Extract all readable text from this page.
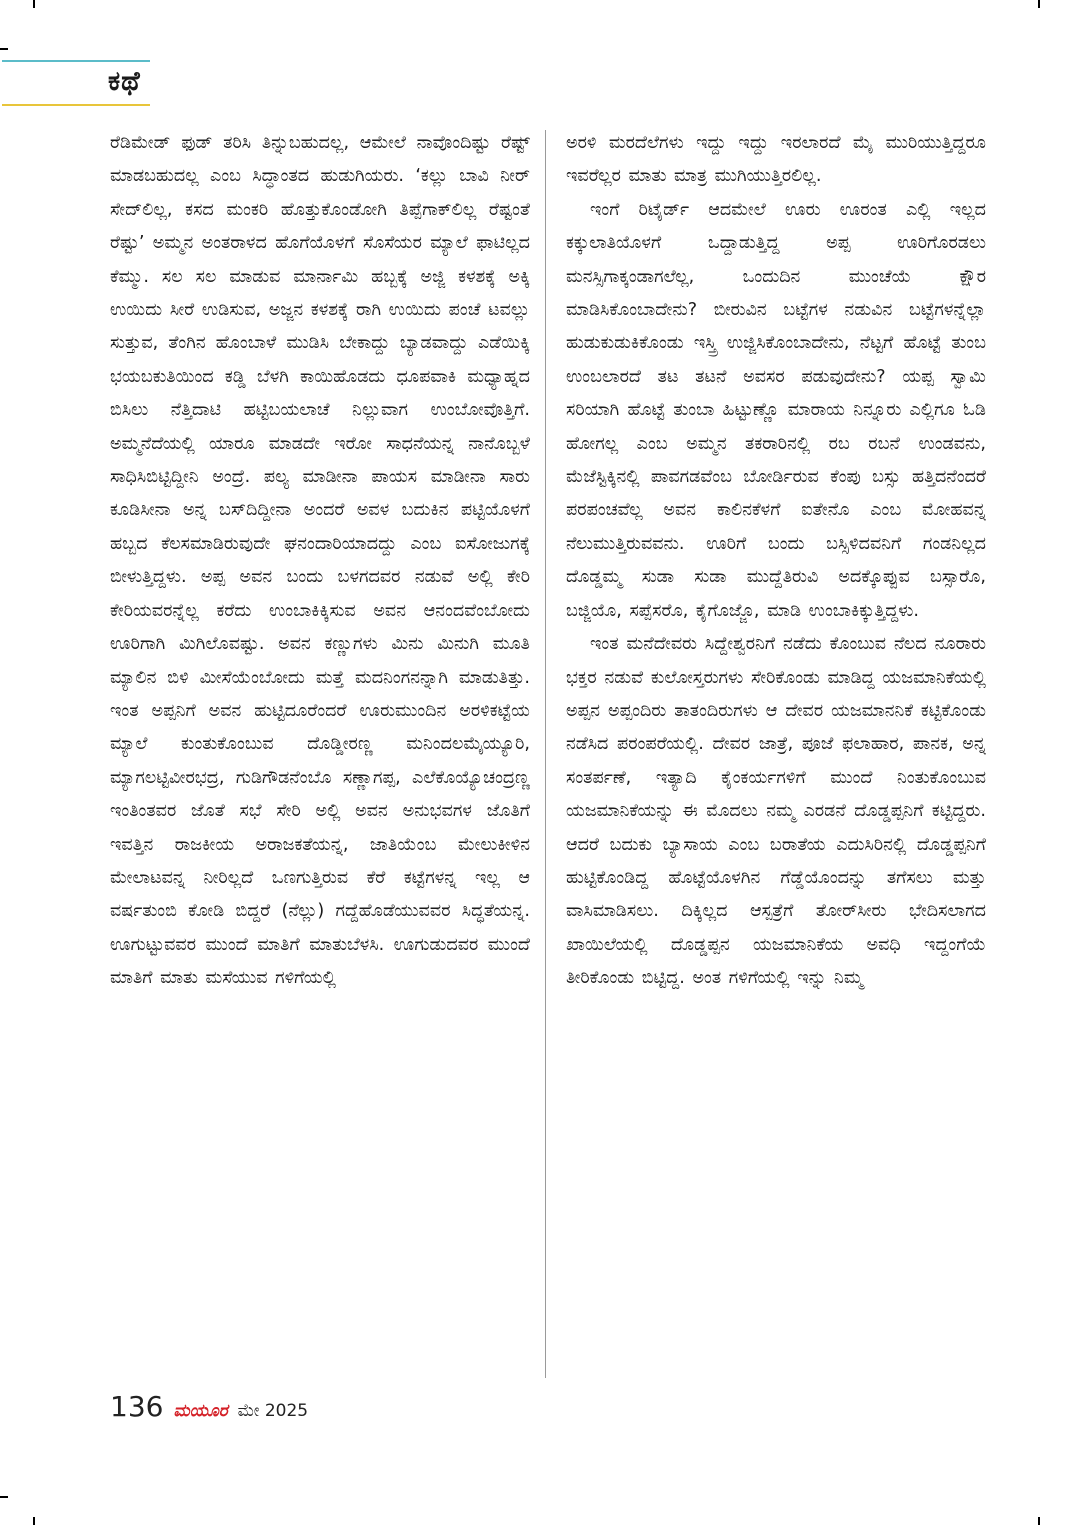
ಕಥೆ

ರೆಡಿಮೇಡ್ ಫುಡ್ ತರಿಸಿ ತಿನ್ನುಬಹುದಲ್ಲ, ಆಮೇಲೆ ನಾವೊಂದಿಷ್ಟು ರೆಷ್ಟ್ ಮಾಡಬಹುದಲ್ಲ ಎಂಬ ಸಿದ್ಧಾಂತದ ಹುಡುಗಿಯರು. ‘ಕಲ್ಲು ಬಾವಿ ನೀರ್ ಸೇದ್‌ಲಿಲ್ಲ, ಕಸದ ಮಂಕರಿ ಹೊತ್ತುಕೊಂಡೋಗಿ ತಿಪ್ಪೆಗಾಕ್‌ಲಿಲ್ಲ ರೆಷ್ಟಂತೆ ರೆಷ್ಟು’ ಅಮ್ಮನ ಅಂತರಾಳದ ಹೊಗೆಯೊಳಗೆ ಸೊಸೆಯರ ಮ್ಯಾಲೆ ಫಾಟಿಲ್ಲದ ಕೆಮ್ಮು. ಸಲ ಸಲ ಮಾಡುವ ಮಾರ್ನಾಮಿ ಹಬ್ಬಕ್ಕೆ ಅಜ್ಜಿ ಕಳಶಕ್ಕೆ ಅಕ್ಕಿ ಉಯಿದು ಸೀರೆ ಉಡಿಸುವ, ಅಜ್ಜನ ಕಳಶಕ್ಕೆ ರಾಗಿ ಉಯಿದು ಪಂಚೆ ಟವಲ್ಲು ಸುತ್ತುವ, ತೆಂಗಿನ ಹೊಂಬಾಳೆ ಮುಡಿಸಿ ಬೇಕಾದ್ದು ಬ್ಯಾಡವಾದ್ದು ಎಡೆಯಿಕ್ಕಿ ಭಯಬಕುತಿಯಿಂದ ಕಡ್ಡಿ ಬೆಳಗಿ ಕಾಯಿಹೊಡದು ಧೂಪವಾಕಿ ಮಧ್ಯಾಹ್ನದ ಬಿಸಿಲು ನೆತ್ತಿದಾಟಿ ಹಟ್ಟಿಬಯಲಾಚೆ ನಿಲ್ಲುವಾಗ ಉಂಬೋವೊತ್ತಿಗೆ. ಅಮ್ಮನೆದೆಯಲ್ಲಿ ಯಾರೂ ಮಾಡದೇ ಇರೋ ಸಾಧನೆಯನ್ನ ನಾನೊಬ್ಬಳೆ ಸಾಧಿಸಿಬಿಟ್ಟಿದ್ದೀನಿ ಅಂದ್ರೆ. ಪಲ್ಯ ಮಾಡೀನಾ ಪಾಯಸ ಮಾಡೀನಾ ಸಾರು ಕೂಡಿಸೀನಾ ಅನ್ನ ಬಸ್‌ದಿದ್ದೀನಾ ಅಂದರೆ ಅವಳ ಬದುಕಿನ ಪಟ್ಟಿಯೊಳಗೆ ಹಬ್ಬದ ಕೆಲಸಮಾಡಿರುವುದೇ ಘನಂದಾರಿಯಾದದ್ದು ಎಂಬ ಐಸೋಜುಗಕ್ಕೆ ಬೀಳುತ್ತಿದ್ದಳು. ಅಪ್ಪ ಅವನ ಬಂದು ಬಳಗದವರ ನಡುವೆ ಅಲ್ಲಿ ಕೇರಿ ಕೇರಿಯವರನ್ನೆಲ್ಲ ಕರೆದು ಉಂಬಾಕಿಕ್ಕಿಸುವ ಅವನ ಆನಂದವೆಂಬೋದು ಊರಿಗಾಗಿ ಮಿಗಿಲೊವಷ್ಟು. ಅವನ ಕಣ್ಣುಗಳು ಮಿನು ಮಿನುಗಿ ಮೂತಿ ಮ್ಯಾಲಿನ ಬಿಳಿ ಮೀಸೆಯೆಂಬೋದು ಮತ್ತೆ ಮದನಿಂಗನನ್ನಾಗಿ ಮಾಡುತಿತ್ತು. ಇಂತ ಅಪ್ಪನಿಗೆ ಅವನ ಹುಟ್ಟಿದೂರೆಂದರೆ ಊರುಮುಂದಿನ ಅರಳಿಕಟ್ಟೆಯ ಮ್ಯಾಲೆ ಕುಂತುಕೊಂಬುವ ದೊಡ್ಡೀರಣ್ಣ ಮನಿಂದಲಮೈಯ್ಯೂರಿ, ಮ್ಯಾಗಲಟ್ಟಿವೀರಭದ್ರ, ಗುಡಿಗೌಡನೆಂಬೊ ಸಣ್ಣಾಗಪ್ಪ, ಎಲೆಕೊಯ್ಯೊಚಂದ್ರಣ್ಣ ಇಂತಿಂತವರ ಜೊತೆ ಸಭೆ ಸೇರಿ ಅಲ್ಲಿ ಅವನ ಅನುಭವಗಳ ಜೊತಿಗೆ ಇವತ್ತಿನ ರಾಜಕೀಯ ಅರಾಜಕತೆಯನ್ನ, ಜಾತಿಯೆಂಬ ಮೇಲುಕೀಳಿನ ಮೇಲಾಟವನ್ನ ನೀರಿಲ್ಲದೆ ಒಣಗುತ್ತಿರುವ ಕೆರೆ ಕಟ್ಟೆಗಳನ್ನ ಇಲ್ಲ ಆ ವರ್ಷತುಂಬಿ ಕೋಡಿ ಬಿದ್ದರೆ (ನೆಲ್ಲು) ಗದ್ದೆಹೊಡೆಯುವವರ ಸಿದ್ಧತೆಯನ್ನ. ಊಗುಟ್ಟುವವರ ಮುಂದೆ ಮಾತಿಗೆ ಮಾತುಬೆಳಸಿ. ಊಗುಡುದವರ ಮುಂದೆ ಮಾತಿಗೆ ಮಾತು ಮಸೆಯುವ ಗಳಿಗೆಯಲ್ಲಿ

ಅರಳಿ ಮರದೆಲೆಗಳು ಇದ್ದು ಇದ್ದು ಇರಲಾರದೆ ಮೈ ಮುರಿಯುತ್ತಿದ್ದರೂ ಇವರೆಲ್ಲರ ಮಾತು ಮಾತ್ರ ಮುಗಿಯುತ್ತಿರಲಿಲ್ಲ.

ಇಂಗೆ ರಿಟೈರ್ಡ್ ಆದಮೇಲೆ ಊರು ಊರಂತ ಎಲ್ಲಿ ಇಲ್ಲದ ಕಕ್ಕುಲಾತಿಯೊಳಗೆ ಒದ್ದಾಡುತ್ತಿದ್ದ ಅಪ್ಪ ಊರಿಗೊರಡಲು ಮನಸ್ಸಿಗಾಕ್ಕಂಡಾಗಲೆಲ್ಲ, ಒಂದುದಿನ ಮುಂಚೆಯೆ ಕ್ಷೌರ ಮಾಡಿಸಿಕೊಂಬಾದೇನು? ಬೀರುವಿನ ಬಟ್ಟೆಗಳ ನಡುವಿನ ಬಟ್ಟೆಗಳನ್ನೆಲ್ಲಾ ಹುಡುಕುಡುಕಿಕೊಂಡು ಇಸ್ತ್ರಿ ಉಜ್ಜಿಸಿಕೊಂಬಾದೇನು, ನೆಟ್ಟಗೆ ಹೊಟ್ಟೆ ತುಂಬ ಉಂಬಲಾರದೆ ತಟ ತಟನೆ ಅವಸರ ಪಡುವುದೇನು? ಯಪ್ಪ ಸ್ವಾಮಿ ಸರಿಯಾಗಿ ಹೊಟ್ಟೆ ತುಂಬಾ ಹಿಟ್ಟುಣ್ಣೊ ಮಾರಾಯ ನಿನ್ನೂರು ಎಲ್ಲಿಗೂ ಓಡಿ ಹೋಗಲ್ಲ ಎಂಬ ಅಮ್ಮನ ತಕರಾರಿನಲ್ಲಿ ರಬ ರಬನೆ ಉಂಡವನು, ಮೆಜೆಸ್ಟಿಕ್ಕಿನಲ್ಲಿ ಪಾವಗಡವೆಂಬ ಬೋರ್ಡಿರುವ ಕೆಂಪು ಬಸ್ಸು ಹತ್ತಿದನೆಂದರೆ ಪರಪಂಚವೆಲ್ಲ ಅವನ ಕಾಲಿನಕೆಳಗೆ ಐತೇನೊ ಎಂಬ ಮೋಹವನ್ನ ನೆಲುಮುತ್ತಿರುವವನು. ಊರಿಗೆ ಬಂದು ಬಸ್ಸಿಳಿದವನಿಗೆ ಗಂಡನಿಲ್ಲದ ದೊಡ್ಡಮ್ಮ ಸುಡಾ ಸುಡಾ ಮುದ್ದೆತಿರುವಿ ಅದಕ್ಕೊಪ್ಪುವ ಬಸ್ಸಾರೊ, ಬಜ್ಜಿಯೊ, ಸಪ್ಪೆಸರೊ, ಕೈಗೊಜ್ಜೊ, ಮಾಡಿ ಉಂಬಾಕಿಕ್ಕುತ್ತಿದ್ದಳು.

ಇಂತ ಮನೆದೇವರು ಸಿದ್ದೇಶ್ವರನಿಗೆ ನಡೆದು ಕೊಂಬುವ ನೆಲದ ನೂರಾರು ಭಕ್ತರ ನಡುವೆ ಕುಲೋಸ್ತರುಗಳು ಸೇರಿಕೊಂಡು ಮಾಡಿದ್ದ ಯಜಮಾನಿಕೆಯಲ್ಲಿ ಅಪ್ಪನ ಅಪ್ಪಂದಿರು ತಾತಂದಿರುಗಳು ಆ ದೇವರ ಯಜಮಾನನಿಕೆ ಕಟ್ಟಿಕೊಂಡು ನಡೆಸಿದ ಪರಂಪರೆಯಲ್ಲಿ. ದೇವರ ಜಾತ್ರೆ, ಪೂಜೆ ಫಲಾಹಾರ, ಪಾನಕ, ಅನ್ನ ಸಂತರ್ಪಣೆ, ಇತ್ಯಾದಿ ಕೈಂಕರ್ಯಗಳಿಗೆ ಮುಂದೆ ನಿಂತುಕೊಂಬುವ ಯಜಮಾನಿಕೆಯನ್ನು ಈ ಮೊದಲು ನಮ್ಮ ಎರಡನೆ ದೊಡ್ಡಪ್ಪನಿಗೆ ಕಟ್ಟಿದ್ದರು. ಆದರೆ ಬದುಕು ಬ್ಯಾಸಾಯ ಎಂಬ ಬರಾತೆಯ ಎದುಸಿರಿನಲ್ಲಿ ದೊಡ್ಡಪ್ಪನಿಗೆ ಹುಟ್ಟಿಕೊಂಡಿದ್ದ ಹೊಟ್ಟೆಯೊಳಗಿನ ಗೆಡ್ಡೆಯೊಂದನ್ನು ತಗೆಸಲು ಮತ್ತು ವಾಸಿಮಾಡಿಸಲು. ದಿಕ್ಕಿಲ್ಲದ ಆಸ್ಪತ್ರೆಗೆ ತೋರ್‌ಸೀರು ಭೇದಿಸಲಾಗದ ಖಾಯಿಲೆಯಲ್ಲಿ ದೊಡ್ಡಪ್ಪನ ಯಜಮಾನಿಕೆಯ ಅವಧಿ ಇದ್ದಂಗೆಯೆ ತೀರಿಕೊಂಡು ಬಿಟ್ಟಿದ್ದ. ಅಂತ ಗಳಿಗೆಯಲ್ಲಿ ಇನ್ನು ನಿಮ್ಮ

136 ಮಯೂರ ಮೇ 2025
